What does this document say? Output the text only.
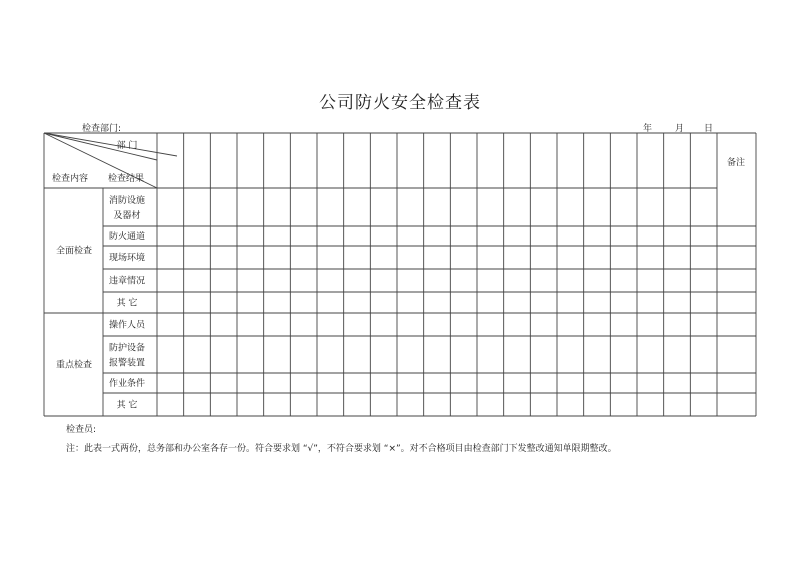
公司防火安全检查表
检查部门:	年	月 日
部 门
检查结果
检查内容
备注
消防设施
及器材
防火通道
现场环境
违章情况
其 它
全面检查
操作人员
防护设备
报警装置
作业条件
其 它
重点检查
检查员:
注：此表一式两份，总务部和办公室各存一份。符合要求划 “√”，不符合要求划 “×”。对不合格项目由检查部门下发整改通知单限期整改。
